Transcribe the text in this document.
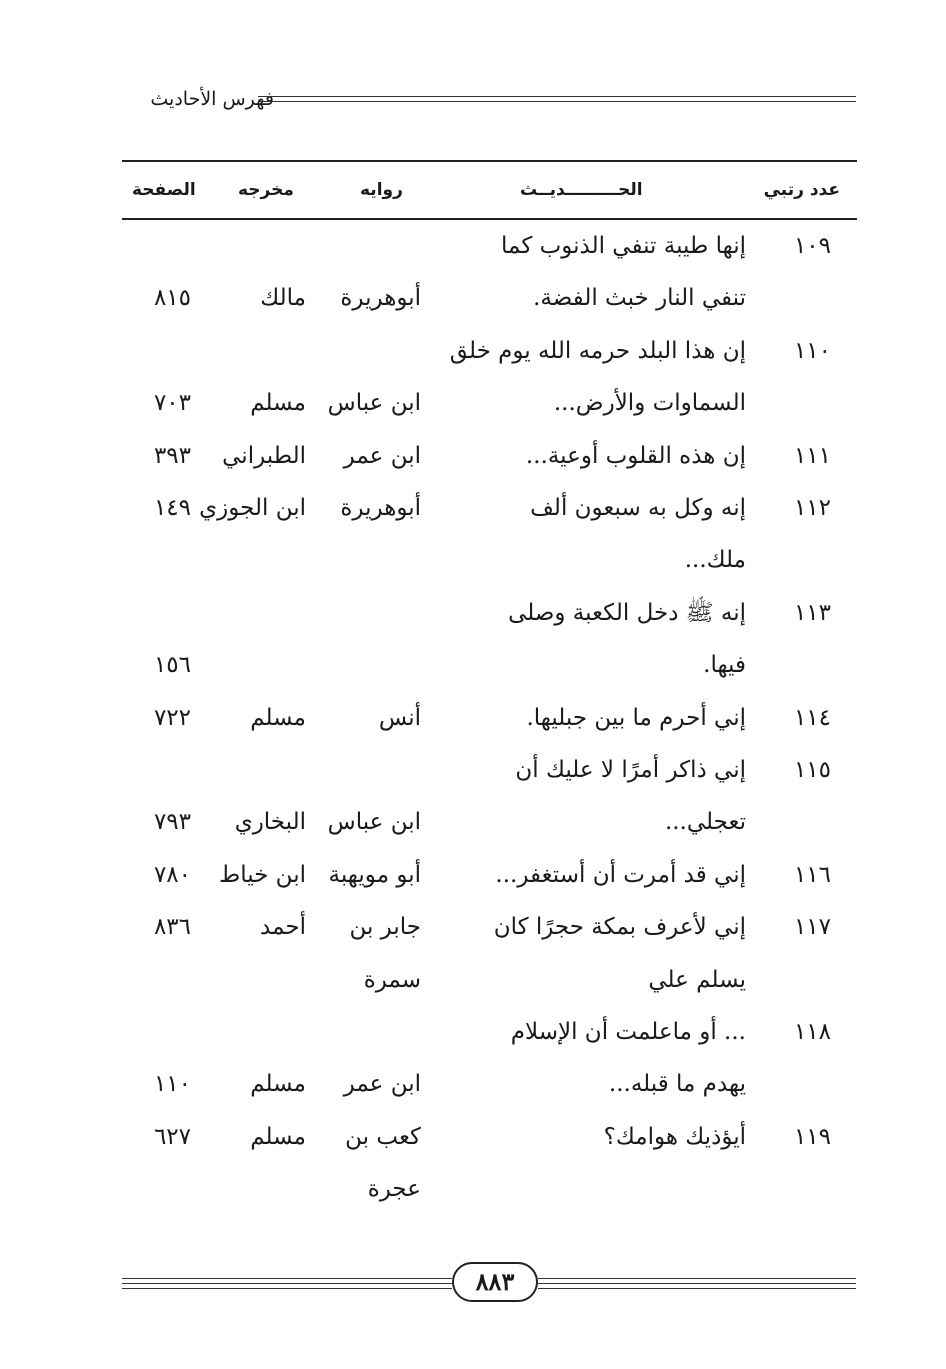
فهرس الأحاديث
عدد رتبي
الحـــــــــديــث
روايه
مخرجه
الصفحة
١٠٩
إنها طيبة تنفي الذنوب كما
تنفي النار خبث الفضة.
أبوهريرة
مالك
٨١٥
١١٠
إن هذا البلد حرمه الله يوم خلق
السماوات والأرض...
ابن عباس
مسلم
٧٠٣
١١١
إن هذه القلوب أوعية...
ابن عمر
الطبراني
٣٩٣
١١٢
إنه وكل به سبعون ألف
أبوهريرة
ابن الجوزي
١٤٩
ملك...
١١٣
إنه ﷺ دخل الكعبة وصلى
فيها.
١٥٦
١١٤
إني أحرم ما بين جبليها.
أنس
مسلم
٧٢٢
١١٥
إني ذاكر أمرًا لا عليك أن
تعجلي...
ابن عباس
البخاري
٧٩٣
١١٦
إني قد أمرت أن أستغفر...
أبو مويهبة
ابن خياط
٧٨٠
١١٧
إني لأعرف بمكة حجرًا كان
جابر بن
أحمد
٨٣٦
يسلم علي
سمرة
١١٨
... أو ماعلمت أن الإسلام
يهدم ما قبله...
ابن عمر
مسلم
١١٠
١١٩
أيؤذيك هوامك؟
كعب بن
مسلم
٦٢٧
عجرة
٨٨٣
